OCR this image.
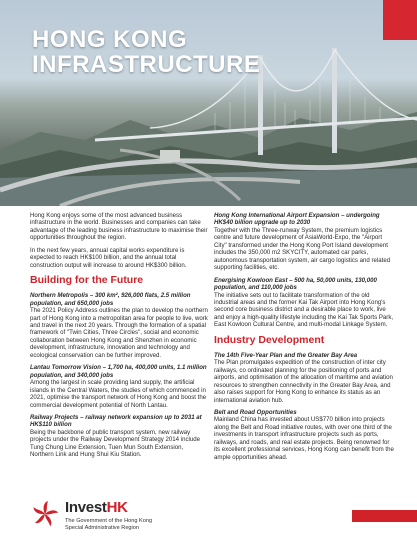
HONG KONG
INFRASTRUCTURE

Hong Kong enjoys some of the most advanced business infrastructure in the world. Businesses and companies can take advantage of the leading business infrastructure to maximise their opportunities throughout the region.

In the next few years, annual capital works expenditure is expected to reach HK$100 billion, and the annual total construction output will increase to around HK$300 billion.

Building for the Future
Northern Metropolis – 300 km², 926,000 flats, 2.5 million population, and 650,000 jobs
The 2021 Policy Address outlines the plan to develop the northern part of Hong Kong into a metropolitan area for people to live, work and travel in the next 20 years. Through the formation of a spatial framework of "Twin Cities, Three Circles", social and economic collaboration between Hong Kong and Shenzhen in economic development, infrastructure, innovation and technology and ecological conservation can be further improved.
Lantau Tomorrow Vision – 1,700 ha, 400,000 units, 1.1 million population, and 340,000 jobs
Among the largest in scale providing land supply, the artificial islands in the Central Waters, the studies of which commenced in 2021, optimise the transport network of Hong Kong and boost the commercial development potential of North Lantau.
Railway Projects – railway network expansion up to 2031 at HK$110 billion
Being the backbone of public transport system, new railway projects under the Railway Development Strategy 2014 include Tung Chung Line Extension, Tuen Mun South Extension, Northern Link and Hung Shui Kiu Station.
Hong Kong International Airport Expansion – undergoing HK$40 billion upgrade up to 2030
Together with the Three-runway System, the premium logistics centre and future development of AsiaWorld-Expo, the "Airport City" transformed under the Hong Kong Port Island development includes the 350,000 m2 SKYCITY, automated car parks, autonomous transportation system, air cargo logistics and related supporting facilities, etc.
Energising Kowloon East – 500 ha, 50,000 units, 130,000 population, and 110,000 jobs
The initiative sets out to facilitate transformation of the old industrial areas and the former Kai Tak Airport into Hong Kong's second core business district and a desirable place to work, live and enjoy a high-quality lifestyle including the Kai Tak Sports Park, East Kowloon Cultural Centre, and multi-modal Linkage System.
Industry Development
The 14th Five-Year Plan and the Greater Bay Area
The Plan promulgates expedition of the construction of inter city railways, co ordinated planning for the positioning of ports and airports, and optimisation of the allocation of maritime and aviation resources to strengthen connectivity in the Greater Bay Area, and also raises support for Hong Kong to enhance its status as an international aviation hub.
Belt and Road Opportunities
Mainland China has invested about US$770 billion into projects along the Belt and Road initiative routes, with over one third of the investments in transport infrastructure projects such as ports, railways, and roads, and real estate projects. Being renowned for its excellent professional services, Hong Kong can benefit from the ample opportunities ahead.
InvestHK
The Government of the Hong Kong
Special Administrative Region
